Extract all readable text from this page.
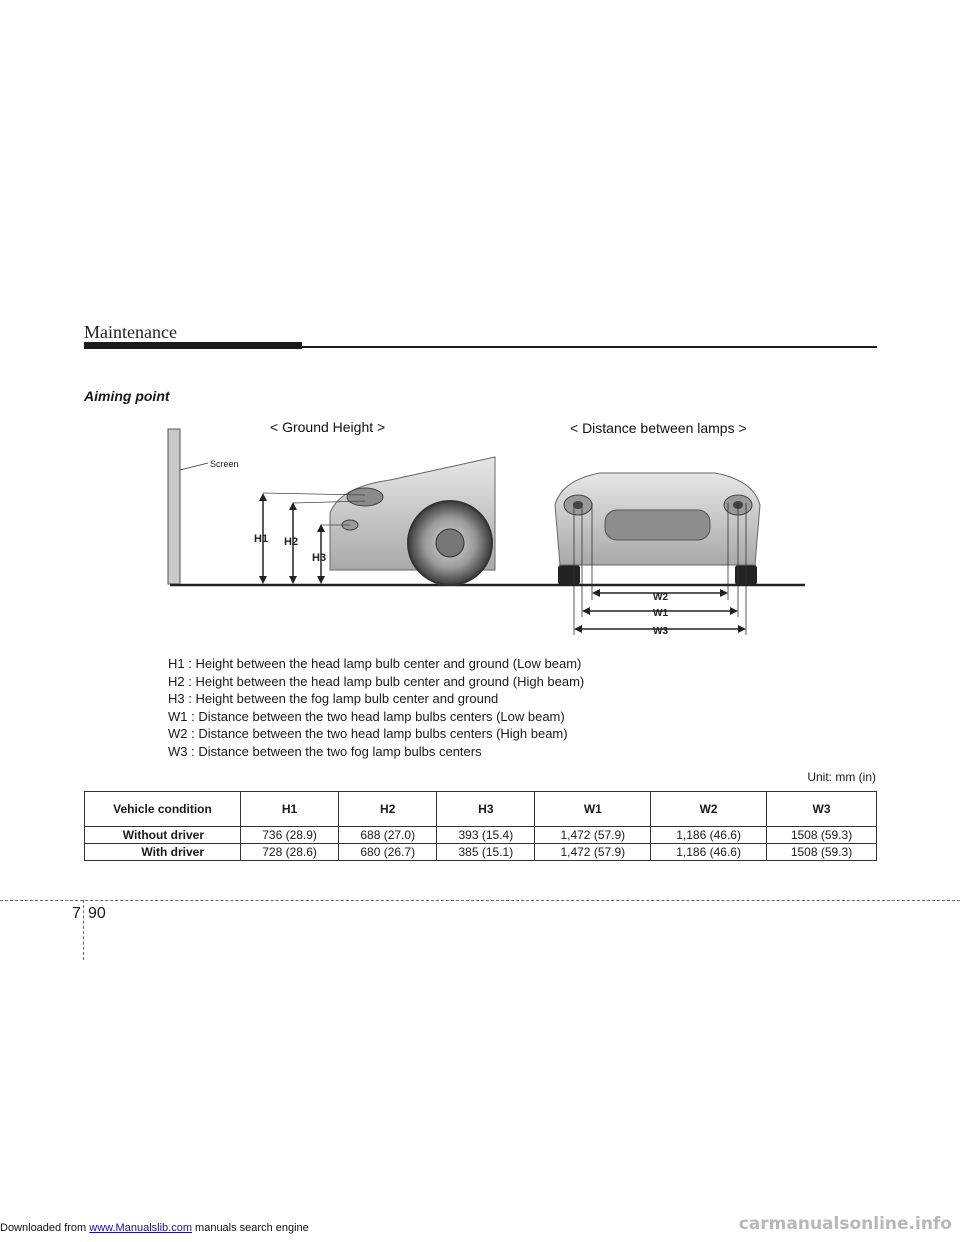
Maintenance
Aiming point
< Ground Height >	< Distance between lamps >
Screen
H1 H2
H3
W2
W1
W3
H1 : Height between the head lamp bulb center and ground (Low beam)
H2 : Height between the head lamp bulb center and ground (High beam)
H3 : Height between the fog lamp bulb center and ground
W1 : Distance between the two head lamp bulbs centers (Low beam)
W2 : Distance between the two head lamp bulbs centers (High beam)
W3 : Distance between the two fog lamp bulbs centers
Unit: mm (in)
Vehicle condition	H1	H2	H3	W1	W2	W3
Without driver	736 (28.9)	688 (27.0)	393 (15.4)	1,472 (57.9)	1,186 (46.6)	1508 (59.3)
With driver	728 (28.6)	680 (26.7)	385 (15.1)	1,472 (57.9)	1,186 (46.6)	1508 (59.3)
7 90
Downloaded from www.Manualslib.com manuals search engine	carmanualsonline.info
